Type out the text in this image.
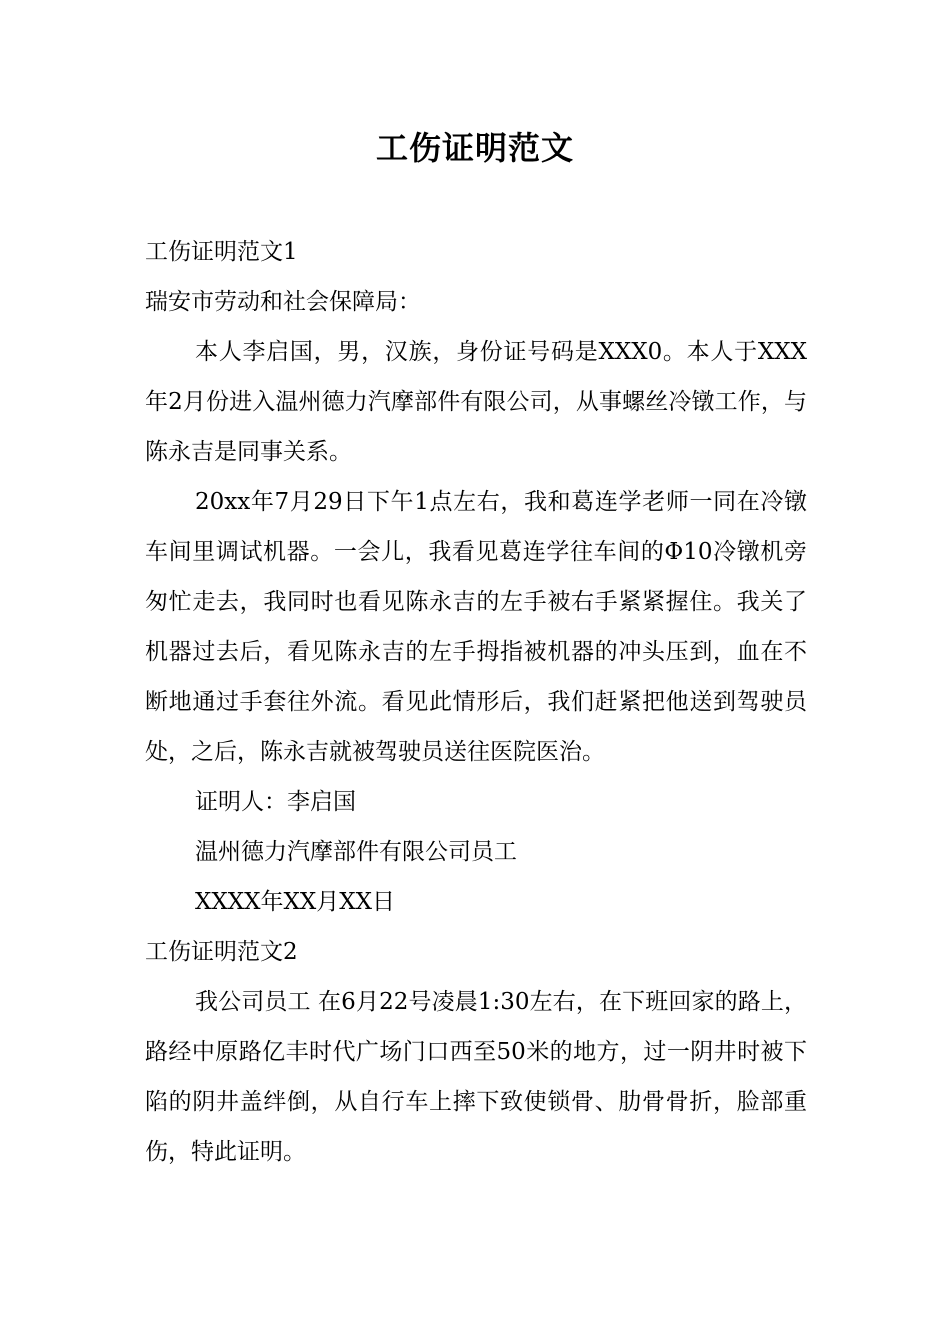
工伤证明范文

工伤证明范文1

瑞安市劳动和社会保障局：

本人李启国，男，汉族，身份证号码是XXX0。本人于XXX年2月份进入温州德力汽摩部件有限公司，从事螺丝冷镦工作，与陈永吉是同事关系。

20xx年7月29日下午1点左右，我和葛连学老师一同在冷镦车间里调试机器。一会儿，我看见葛连学往车间的Φ10冷镦机旁匆忙走去，我同时也看见陈永吉的左手被右手紧紧握住。我关了机器过去后，看见陈永吉的左手拇指被机器的冲头压到，血在不断地通过手套往外流。看见此情形后，我们赶紧把他送到驾驶员处，之后，陈永吉就被驾驶员送往医院医治。

证明人：李启国

温州德力汽摩部件有限公司员工

XXXX年XX月XX日

工伤证明范文2

我公司员工 在6月22号凌晨1:30左右，在下班回家的路上，路经中原路亿丰时代广场门口西至50米的地方，过一阴井时被下陷的阴井盖绊倒，从自行车上摔下致使锁骨、肋骨骨折，脸部重伤，特此证明。
